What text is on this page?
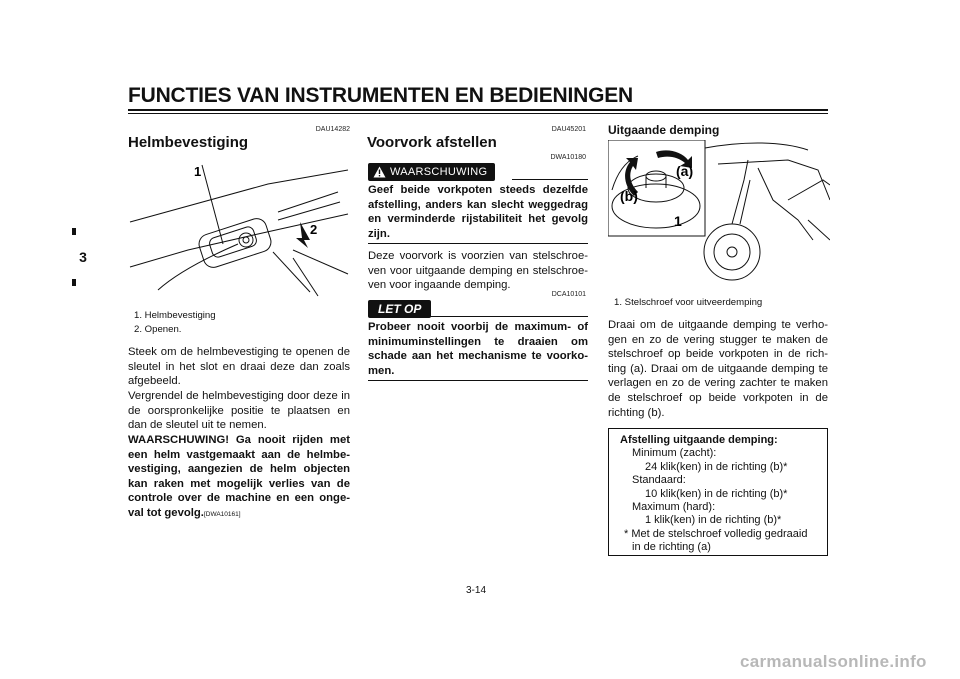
FUNCTIES VAN INSTRUMENTEN EN BEDIENINGEN
3
DAU14282
Helmbevestiging
1
2
1. Helmbevestiging
2. Openen.
Steek om de helmbevestiging te openen de sleutel in het slot en draai deze dan zoals afgebeeld.
Vergrendel de helmbevestiging door deze in de oorspronkelijke positie te plaatsen en dan de sleutel uit te nemen.
WAARSCHUWING! Ga nooit rijden met een helm vastgemaakt aan de helmbe- vestiging, aangezien de helm objecten kan raken met mogelijk verlies van de controle over de machine en een onge- val tot gevolg.[DWA10161]
DAU45201
Voorvork afstellen
DWA10180
WAARSCHUWING
Geef beide vorkpoten steeds dezelfde afstelling, anders kan slecht weggedrag en verminderde rijstabiliteit het gevolg zijn.
Deze voorvork is voorzien van stelschroe- ven voor uitgaande demping en stelschroe- ven voor ingaande demping.
DCA10101
LET OP
Probeer nooit voorbij de maximum- of minimuminstellingen te draaien om schade aan het mechanisme te voorko- men.
Uitgaande demping
(a)
(b)
1
1. Stelschroef voor uitveerdemping
Draai om de uitgaande demping te verho- gen en zo de vering stugger te maken de stelschroef op beide vorkpoten in de rich- ting (a). Draai om de uitgaande demping te verlagen en zo de vering zachter te maken de stelschroef op beide vorkpoten in de richting (b).
Afstelling uitgaande demping:
Minimum (zacht):
24 klik(ken) in de richting (b)*
Standaard:
10 klik(ken) in de richting (b)*
Maximum (hard):
1 klik(ken) in de richting (b)*
* Met de stelschroef volledig gedraaid
in de richting (a)
3-14
carmanualsonline.info
